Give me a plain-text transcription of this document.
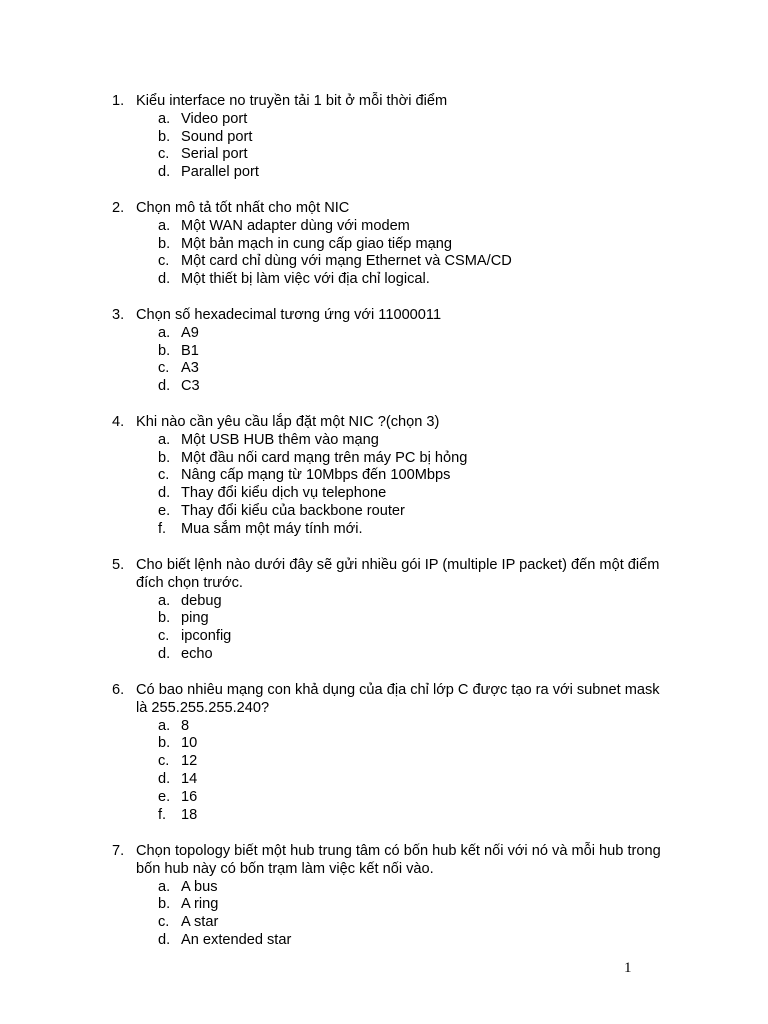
1. Kiểu interface no truyền tải 1 bit ở mỗi thời điểm
a. Video port
b. Sound port
c. Serial port
d. Parallel port
2. Chọn mô tả tốt nhất cho một NIC
a. Một WAN adapter dùng với modem
b. Một bản mạch in cung cấp giao tiếp mạng
c. Một card chỉ dùng với mạng Ethernet và CSMA/CD
d. Một thiết bị làm việc với địa chỉ logical.
3. Chọn số hexadecimal tương ứng với 11000011
a. A9
b. B1
c. A3
d. C3
4. Khi nào cần yêu cầu lắp đặt một NIC ?(chọn 3)
a. Một USB HUB thêm vào mạng
b. Một đầu nối card mạng trên máy PC bị hỏng
c. Nâng cấp mạng từ 10Mbps đến 100Mbps
d. Thay đổi kiểu dịch vụ telephone
e. Thay đổi kiểu của backbone router
f. Mua sắm một máy tính mới.
5. Cho biết lệnh nào dưới đây sẽ gửi nhiều gói IP (multiple IP packet) đến một điểm
đích chọn trước.
a. debug
b. ping
c. ipconfig
d. echo
6. Có bao nhiêu mạng con khả dụng của địa chỉ lớp C được tạo ra với subnet mask
là 255.255.255.240?
a. 8
b. 10
c. 12
d. 14
e. 16
f. 18
7. Chọn topology biết một hub trung tâm có bốn hub kết nối với nó và mỗi hub trong
bốn hub này có bốn trạm làm việc kết nối vào.
a. A bus
b. A ring
c. A star
d. An extended star
1
